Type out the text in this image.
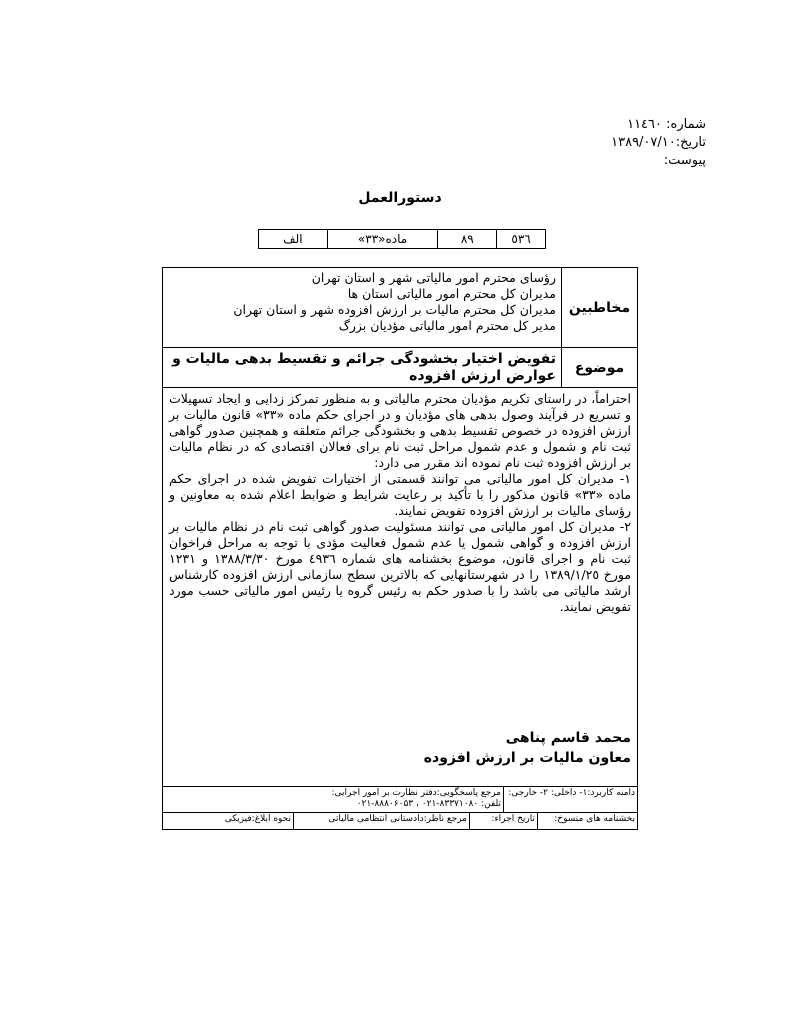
شماره: ۱۱٤٦۰
تاریخ:۱۳۸۹/۰۷/۱۰
پیوست:
دستورالعمل
٥۳٦
۸۹
ماده«۳۳»
الف
مخاطبین
رؤسای محترم امور مالیاتی شهر و استان تهران
مدیران کل محترم امور مالیاتی استان ها
مدیران کل محترم مالیات بر ارزش افزوده شهر و استان تهران
مدیر کل محترم امور مالیاتی مؤدیان بزرگ
موضوع
تفویض اختیار بخشودگی جرائم و تقسیط بدهی مالیات و عوارض ارزش افزوده
احتراماً، در راستای تکریم مؤدیان محترم مالیاتی و به منظور تمرکز زدایی و ایجاد تسهیلات و تسریع در فرآیند وصول بدهی های مؤدیان و در اجرای حکم ماده «۳۳» قانون مالیات بر ارزش افزوده در خصوص تقسیط بدهی و بخشودگی جرائم متعلقه و همچنین صدور گواهی ثبت نام و شمول و عدم شمول مراحل ثبت نام برای فعالان اقتصادی که در نظام مالیات بر ارزش افزوده ثبت نام نموده اند مقرر می دارد:
۱- مدیران کل امور مالیاتی می توانند قسمتی از اختیارات تفویض شده در اجرای حکم ماده «۳۳» قانون مذکور را با تأکید بر رعایت شرایط و ضوابط اعلام شده به معاونین و رؤسای مالیات بر ارزش افزوده تفویض نمایند.
۲- مدیران کل امور مالیاتی می توانند مسئولیت صدور گواهی ثبت نام در نظام مالیات بر ارزش افزوده و گواهی شمول یا عدم شمول فعالیت مؤدی با توجه به مراحل فراخوان ثبت نام و اجرای قانون، موضوع بخشنامه های شماره ٤۹۳٦ مورخ ۱۳۸۸/۳/۳۰ و ۱۲۳۱ مورخ ۱۳۸۹/۱/۲٥ را در شهرستانهایی که بالاترین سطح سازمانی ارزش افزوده کارشناس ارشد مالیاتی می باشد را با صدور حکم به رئیس گروه یا رئیس امور مالیاتی حسب مورد تفویض نمایند.
محمد قاسم پناهی
معاون مالیات بر ارزش افزوده
دامنه کاربرد:۱- داخلی: ۲- خارجی:
مرجع پاسخگویی:دفتر نظارت بر امور اجرایی:
تلفن: ۸۳۳۷۱۰۸۰-۰۲۱ ، ۸۸۸۰۶۰۵۳-۰۲۱
بخشنامه های منسوخ:
تاریخ اجراء:
مرجع ناظر:دادستانی انتظامی مالیاتی
نحوه ابلاغ:فیزیکی
